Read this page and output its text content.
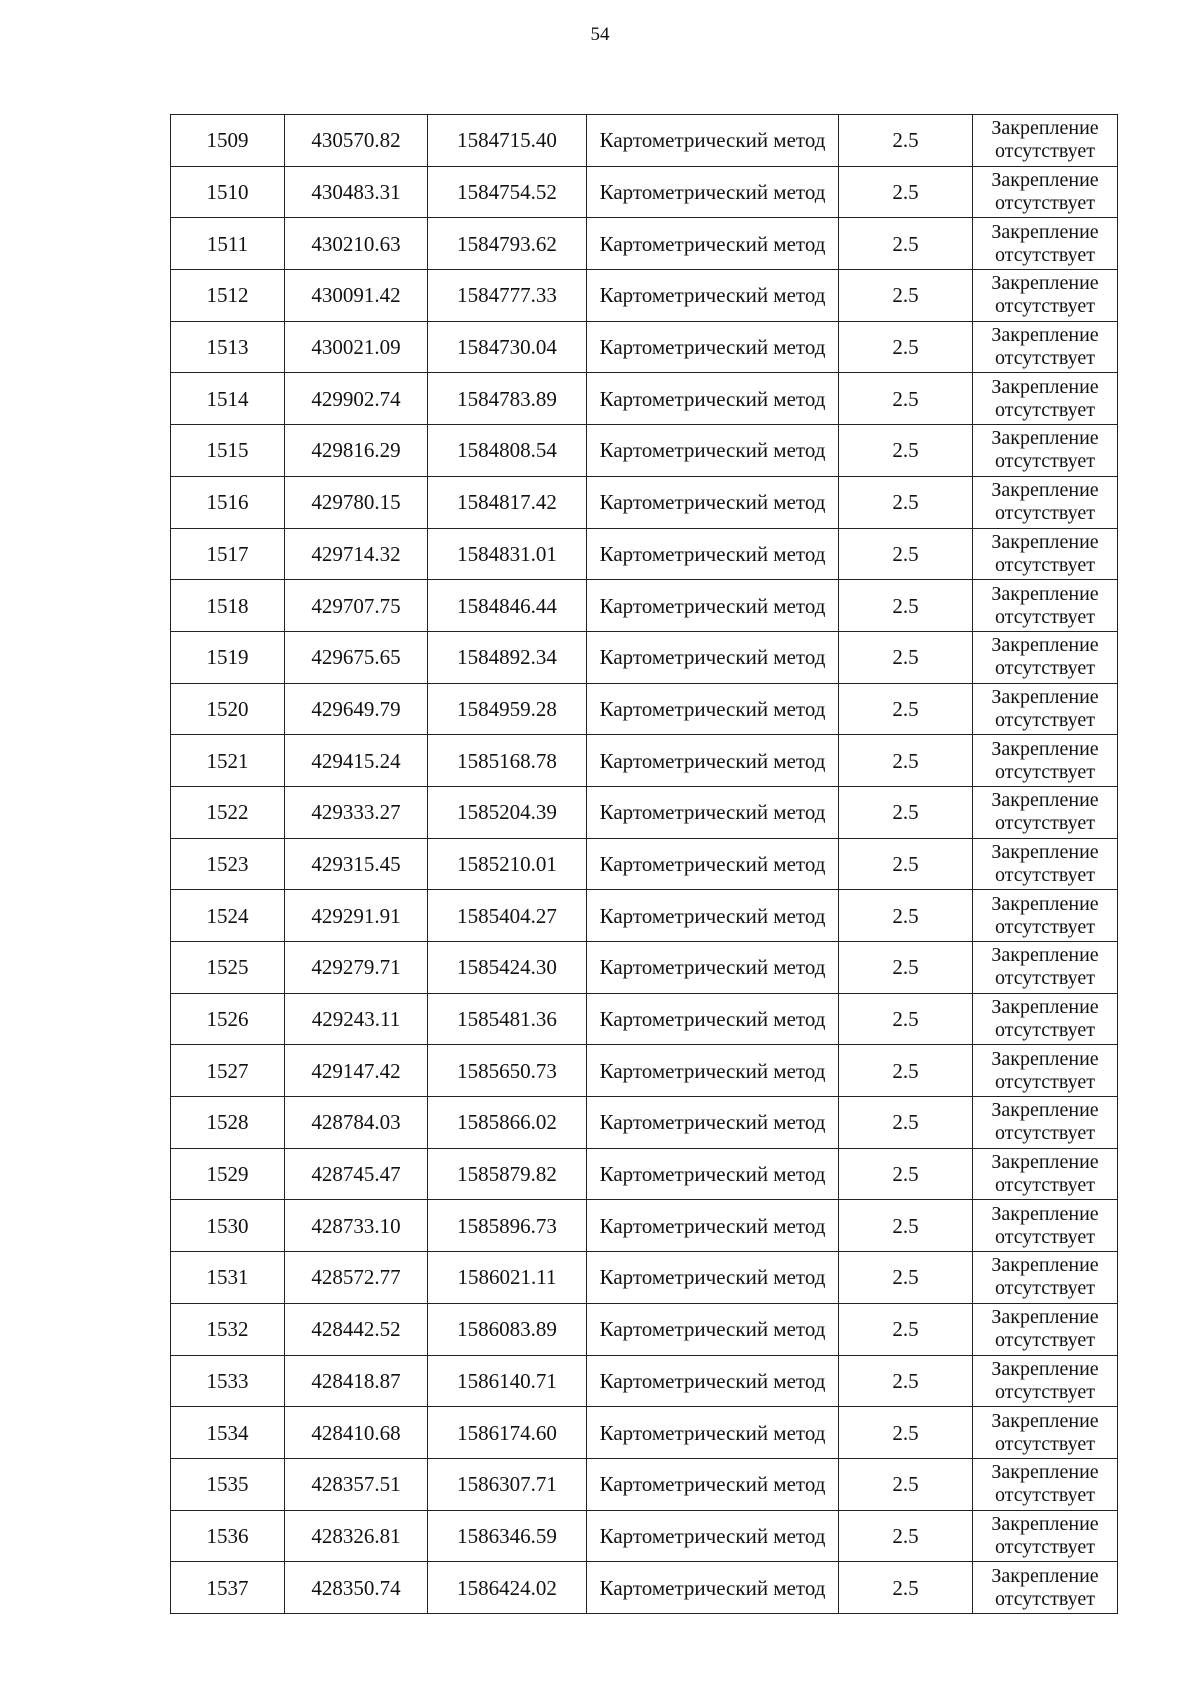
54
1509	430570.82	1584715.40	Картометрический метод	2.5	Закрепление
отсутствует

1510	430483.31	1584754.52	Картометрический метод	2.5	Закрепление
отсутствует

1511	430210.63	1584793.62	Картометрический метод	2.5	Закрепление
отсутствует

1512	430091.42	1584777.33	Картометрический метод	2.5	Закрепление
отсутствует

1513	430021.09	1584730.04	Картометрический метод	2.5	Закрепление
отсутствует

1514	429902.74	1584783.89	Картометрический метод	2.5	Закрепление
отсутствует

1515	429816.29	1584808.54	Картометрический метод	2.5	Закрепление
отсутствует

1516	429780.15	1584817.42	Картометрический метод	2.5	Закрепление
отсутствует

1517	429714.32	1584831.01	Картометрический метод	2.5	Закрепление
отсутствует

1518	429707.75	1584846.44	Картометрический метод	2.5	Закрепление
отсутствует

1519	429675.65	1584892.34	Картометрический метод	2.5	Закрепление
отсутствует

1520	429649.79	1584959.28	Картометрический метод	2.5	Закрепление
отсутствует

1521	429415.24	1585168.78	Картометрический метод	2.5	Закрепление
отсутствует

1522	429333.27	1585204.39	Картометрический метод	2.5	Закрепление
отсутствует

1523	429315.45	1585210.01	Картометрический метод	2.5	Закрепление
отсутствует

1524	429291.91	1585404.27	Картометрический метод	2.5	Закрепление
отсутствует

1525	429279.71	1585424.30	Картометрический метод	2.5	Закрепление
отсутствует

1526	429243.11	1585481.36	Картометрический метод	2.5	Закрепление
отсутствует

1527	429147.42	1585650.73	Картометрический метод	2.5	Закрепление
отсутствует

1528	428784.03	1585866.02	Картометрический метод	2.5	Закрепление
отсутствует

1529	428745.47	1585879.82	Картометрический метод	2.5	Закрепление
отсутствует

1530	428733.10	1585896.73	Картометрический метод	2.5	Закрепление
отсутствует

1531	428572.77	1586021.11	Картометрический метод	2.5	Закрепление
отсутствует

1532	428442.52	1586083.89	Картометрический метод	2.5	Закрепление
отсутствует

1533	428418.87	1586140.71	Картометрический метод	2.5	Закрепление
отсутствует

1534	428410.68	1586174.60	Картометрический метод	2.5	Закрепление
отсутствует

1535	428357.51	1586307.71	Картометрический метод	2.5	Закрепление
отсутствует

1536	428326.81	1586346.59	Картометрический метод	2.5	Закрепление
отсутствует

1537	428350.74	1586424.02	Картометрический метод	2.5	Закрепление
отсутствует
